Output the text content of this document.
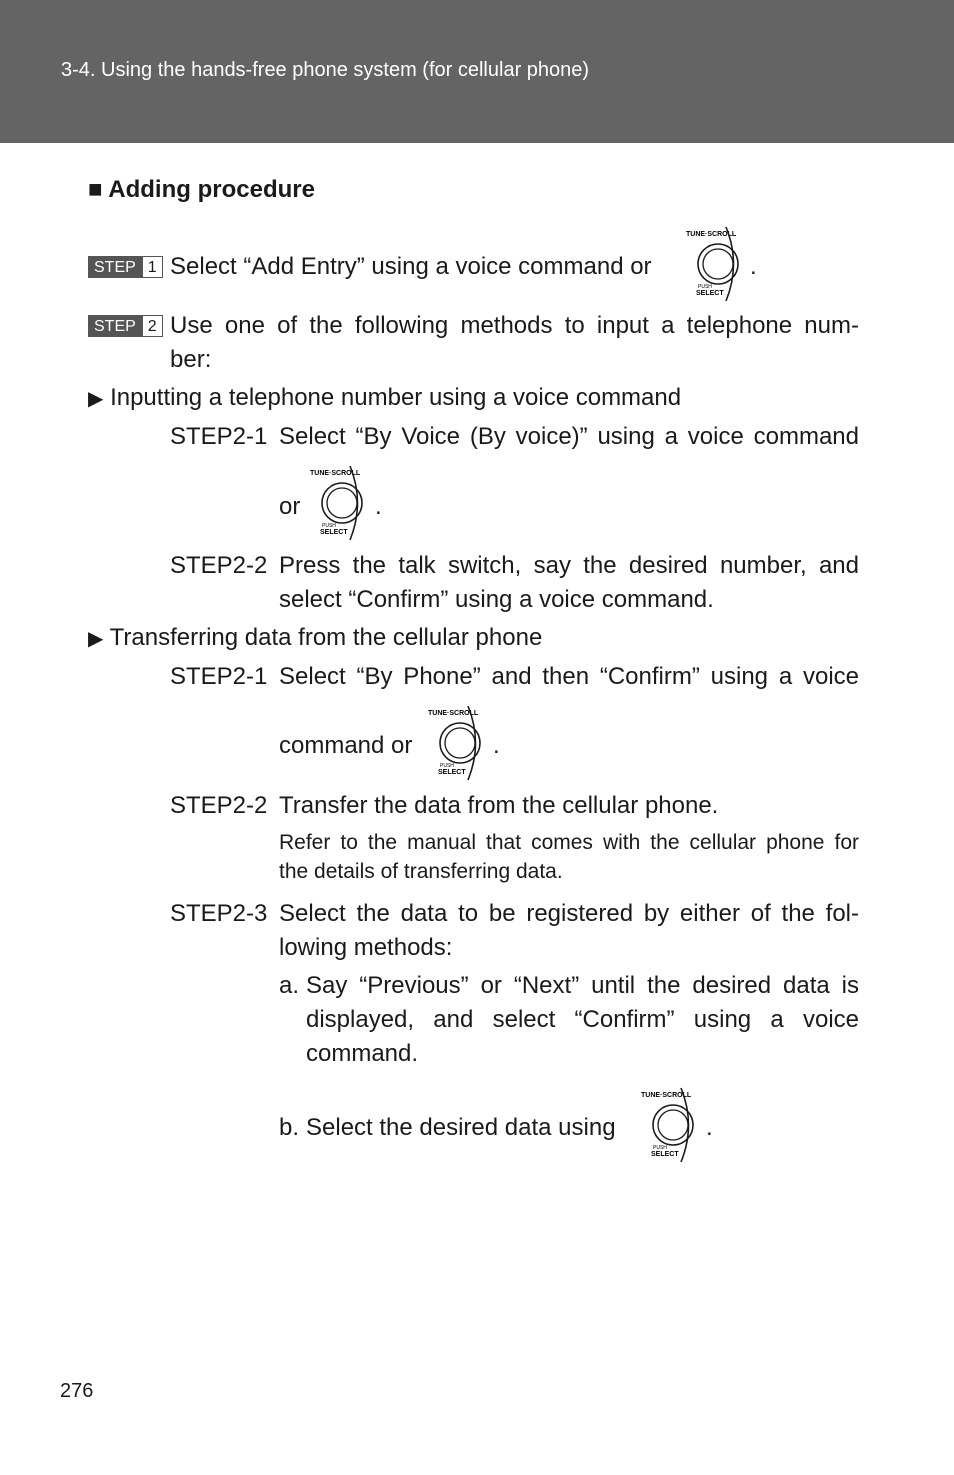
3-4. Using the hands-free phone system (for cellular phone)
■ Adding procedure
STEP 1 Select “Add Entry” using a voice command or
TUNE·SCROLL
PUSH
SELECT
.
STEP 2 Use one of the following methods to input a telephone num-
ber:
▶ Inputting a telephone number using a voice command
STEP2-1 Select “By Voice (By voice)” using a voice command
or
TUNE·SCROLL
PUSH
SELECT
.
STEP2-2 Press the talk switch, say the desired number, and
select “Confirm” using a voice command.
▶ Transferring data from the cellular phone
STEP2-1 Select “By Phone” and then “Confirm” using a voice
command or
TUNE·SCROLL
PUSH
SELECT
.
STEP2-2 Transfer the data from the cellular phone.
Refer to the manual that comes with the cellular phone for
the details of transferring data.
STEP2-3 Select the data to be registered by either of the fol-
lowing methods:
a. Say “Previous” or “Next” until the desired data is
displayed, and select “Confirm” using a voice
command.
b. Select the desired data using
TUNE·SCROLL
PUSH
SELECT
.
276
